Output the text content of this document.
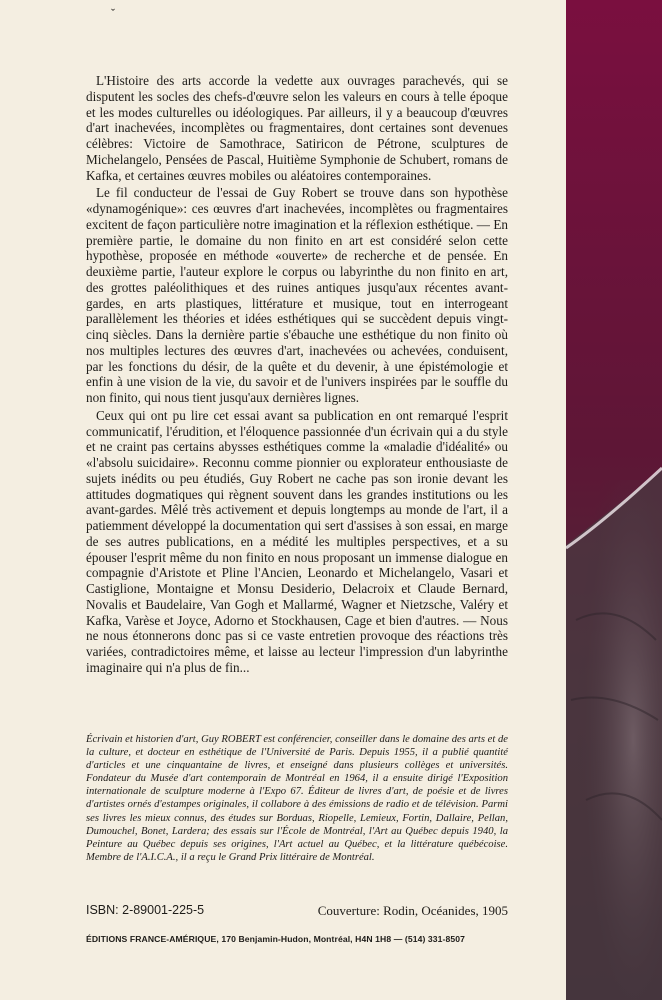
ˇ

L'Histoire des arts accorde la vedette aux ouvrages parachevés, qui se disputent les socles des chefs-d'œuvre selon les valeurs en cours à telle époque et les modes culturelles ou idéologiques. Par ailleurs, il y a beaucoup d'œuvres d'art inachevées, incomplètes ou fragmentaires, dont certaines sont devenues célèbres: Victoire de Samothrace, Satiricon de Pétrone, sculptures de Michelangelo, Pensées de Pascal, Huitième Symphonie de Schubert, romans de Kafka, et certaines œuvres mobiles ou aléatoires contemporaines.

Le fil conducteur de l'essai de Guy Robert se trouve dans son hypothèse «dynamogénique»: ces œuvres d'art inachevées, incomplètes ou fragmentaires excitent de façon particulière notre imagination et la réflexion esthétique. — En première partie, le domaine du non finito en art est considéré selon cette hypothèse, proposée en méthode «ouverte» de recherche et de pensée. En deuxième partie, l'auteur explore le corpus ou labyrinthe du non finito en art, des grottes paléolithiques et des ruines antiques jusqu'aux récentes avant-gardes, en arts plastiques, littérature et musique, tout en interrogeant parallèlement les théories et idées esthétiques qui se succèdent depuis vingt-cinq siècles. Dans la dernière partie s'ébauche une esthétique du non finito où nos multiples lectures des œuvres d'art, inachevées ou achevées, conduisent, par les fonctions du désir, de la quête et du devenir, à une épistémologie et enfin à une vision de la vie, du savoir et de l'univers inspirées par le souffle du non finito, qui nous tient jusqu'aux dernières lignes.

Ceux qui ont pu lire cet essai avant sa publication en ont remarqué l'esprit communicatif, l'érudition, et l'éloquence passionnée d'un écrivain qui a du style et ne craint pas certains abysses esthétiques comme la «maladie d'idéalité» ou «l'absolu suicidaire». Reconnu comme pionnier ou explorateur enthousiaste de sujets inédits ou peu étudiés, Guy Robert ne cache pas son ironie devant les attitudes dogmatiques qui règnent souvent dans les grandes institutions ou les avant-gardes. Mêlé très activement et depuis longtemps au monde de l'art, il a patiemment développé la documentation qui sert d'assises à son essai, en marge de ses autres publications, en a médité les multiples perspectives, et a su épouser l'esprit même du non finito en nous proposant un immense dialogue en compagnie d'Aristote et Pline l'Ancien, Leonardo et Michelangelo, Vasari et Castiglione, Montaigne et Monsu Desiderio, Delacroix et Claude Bernard, Novalis et Baudelaire, Van Gogh et Mallarmé, Wagner et Nietzsche, Valéry et Kafka, Varèse et Joyce, Adorno et Stockhausen, Cage et bien d'autres. — Nous ne nous étonnerons donc pas si ce vaste entretien provoque des réactions très variées, contradictoires même, et laisse au lecteur l'impression d'un labyrinthe imaginaire qui n'a plus de fin...

Écrivain et historien d'art, Guy ROBERT est conférencier, conseiller dans le domaine des arts et de la culture, et docteur en esthétique de l'Université de Paris. Depuis 1955, il a publié quantité d'articles et une cinquantaine de livres, et enseigné dans plusieurs collèges et universités. Fondateur du Musée d'art contemporain de Montréal en 1964, il a ensuite dirigé l'Exposition internationale de sculpture moderne à l'Expo 67. Éditeur de livres d'art, de poésie et de livres d'artistes ornés d'estampes originales, il collabore à des émissions de radio et de télévision. Parmi ses livres les mieux connus, des études sur Borduas, Riopelle, Lemieux, Fortin, Dallaire, Pellan, Dumouchel, Bonet, Lardera; des essais sur l'École de Montréal, l'Art au Québec depuis 1940, la Peinture au Québec depuis ses origines, l'Art actuel au Québec, et la littérature québécoise. Membre de l'A.I.C.A., il a reçu le Grand Prix littéraire de Montréal.

ISBN: 2-89001-225-5	Couverture: Rodin, Océanides, 1905
ÉDITIONS FRANCE-AMÉRIQUE, 170 Benjamin-Hudon, Montréal, H4N 1H8 — (514) 331-8507
